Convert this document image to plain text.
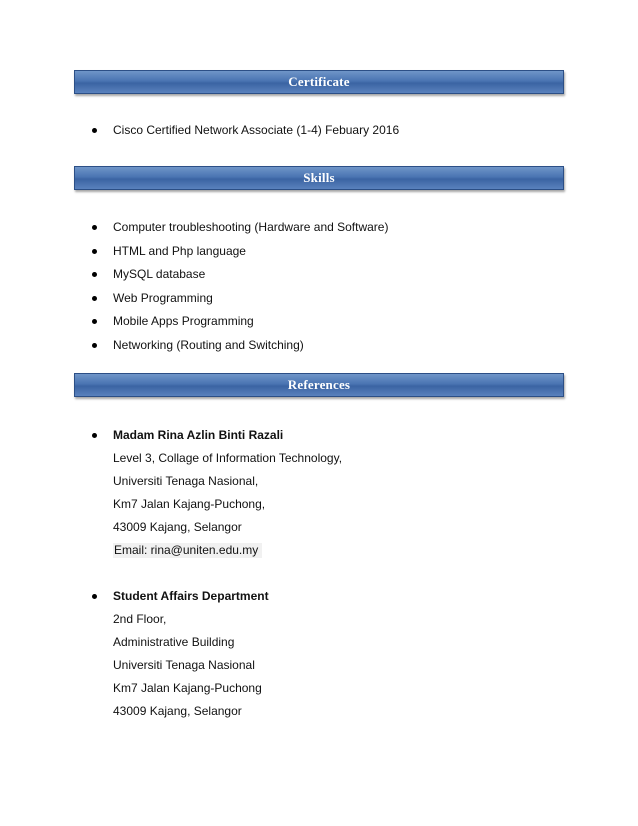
Certificate
Cisco Certified Network Associate (1-4) Febuary 2016
Skills
Computer troubleshooting (Hardware and Software)
HTML and Php language
MySQL database
Web Programming
Mobile Apps Programming
Networking (Routing and Switching)
References
Madam Rina Azlin Binti Razali
Level 3, Collage of Information Technology,
Universiti Tenaga Nasional,
Km7 Jalan Kajang-Puchong,
43009 Kajang, Selangor
Email: rina@uniten.edu.my
Student Affairs Department
2nd Floor,
Administrative Building
Universiti Tenaga Nasional
Km7 Jalan Kajang-Puchong
43009 Kajang, Selangor
